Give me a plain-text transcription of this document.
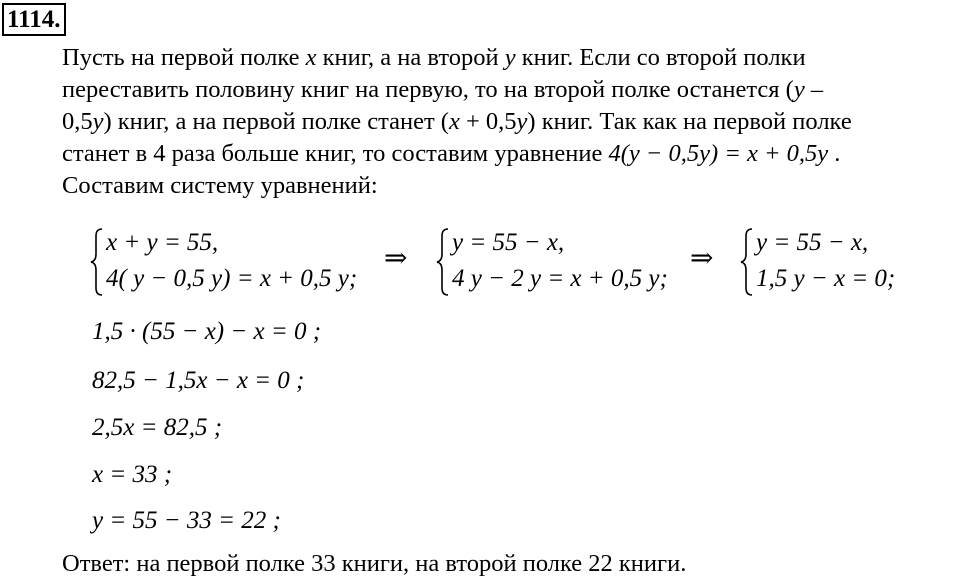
1114.
Пусть на первой полке x книг, а на второй y книг. Если со второй полки
переставить половину книг на первую, то на второй полке останется (y –
0,5y) книг, а на первой полке станет (x + 0,5y) книг. Так как на первой полке
станет в 4 раза больше книг, то составим уравнение 4(y − 0,5y) = x + 0,5y .
Составим систему уравнений:
x + y = 55,
4( y − 0,5 y) = x + 0,5 y;
⇒
y = 55 − x,
4 y − 2 y = x + 0,5 y;
⇒
y = 55 − x,
1,5 y − x = 0;
1,5 · (55 − x) − x = 0 ;
82,5 − 1,5x − x = 0 ;
2,5x = 82,5 ;
x = 33 ;
y = 55 − 33 = 22 ;
Ответ: на первой полке 33 книги, на второй полке 22 книги.
